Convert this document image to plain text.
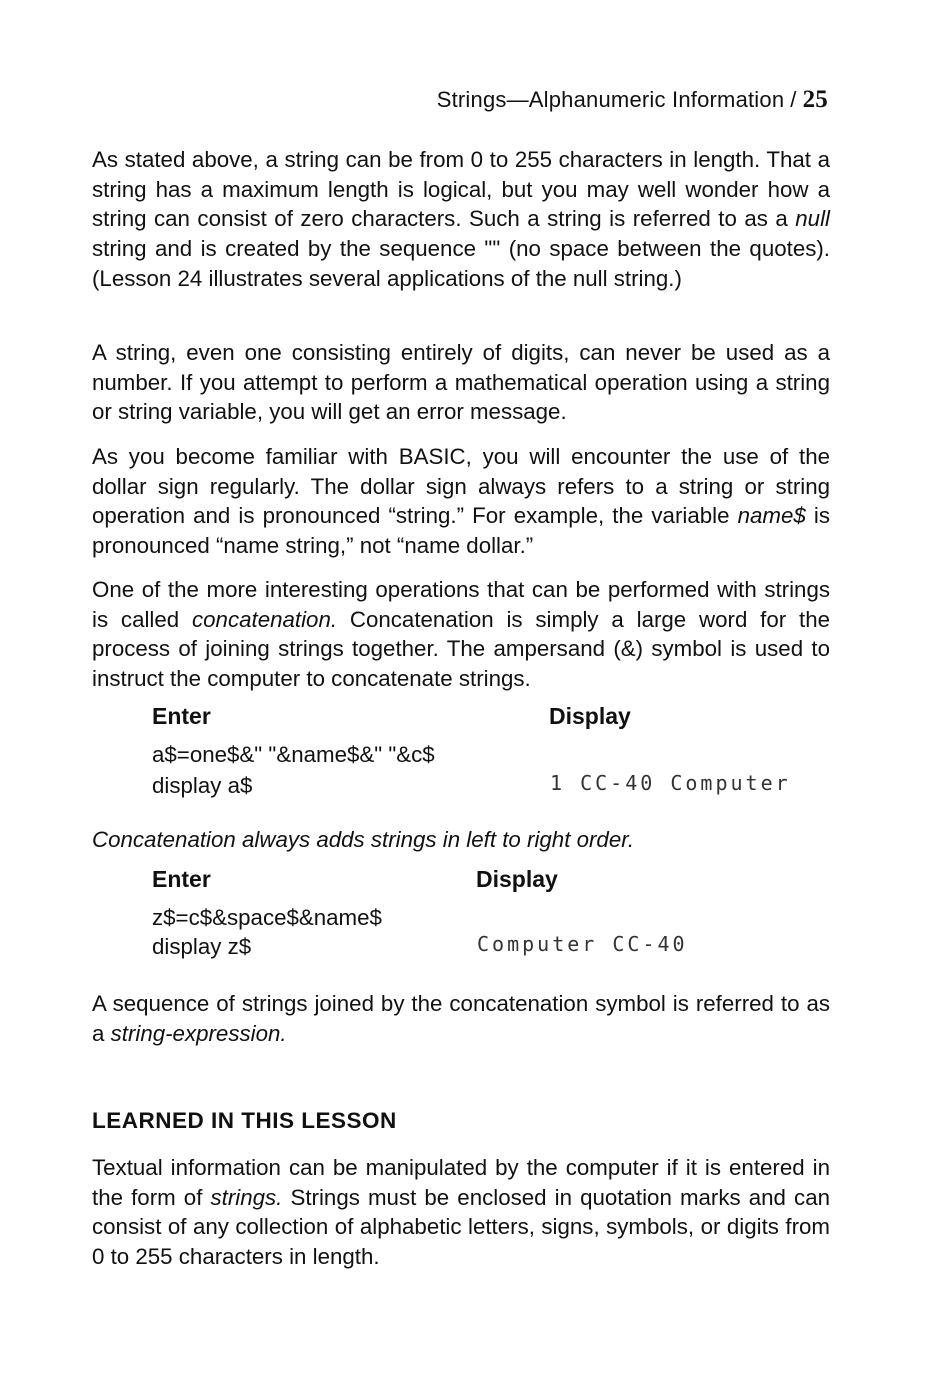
Strings—Alphanumeric Information / 25

As stated above, a string can be from 0 to 255 characters in length. That a string has a maximum length is logical, but you may well wonder how a string can consist of zero characters. Such a string is referred to as a null string and is created by the sequence "" (no space between the quotes). (Lesson 24 illustrates several applications of the null string.)

A string, even one consisting entirely of digits, can never be used as a number. If you attempt to perform a mathematical operation using a string or string variable, you will get an error message.

As you become familiar with BASIC, you will encounter the use of the dollar sign regularly. The dollar sign always refers to a string or string operation and is pronounced “string.” For example, the variable name$ is pronounced “name string,” not “name dollar.”

One of the more interesting operations that can be performed with strings is called concatenation. Concatenation is simply a large word for the process of joining strings together. The ampersand (&) symbol is used to instruct the computer to concatenate strings.

Enter	Display
a$=one$&" "&name$&" "&c$
display a$	1 CC-40 Computer
Concatenation always adds strings in left to right order.
Enter	Display
z$=c$&space$&name$
display z$	Computer CC-40

A sequence of strings joined by the concatenation symbol is referred to as a string-expression.

LEARNED IN THIS LESSON

Textual information can be manipulated by the computer if it is entered in the form of strings. Strings must be enclosed in quotation marks and can consist of any collection of alphabetic letters, signs, symbols, or digits from 0 to 255 characters in length.
